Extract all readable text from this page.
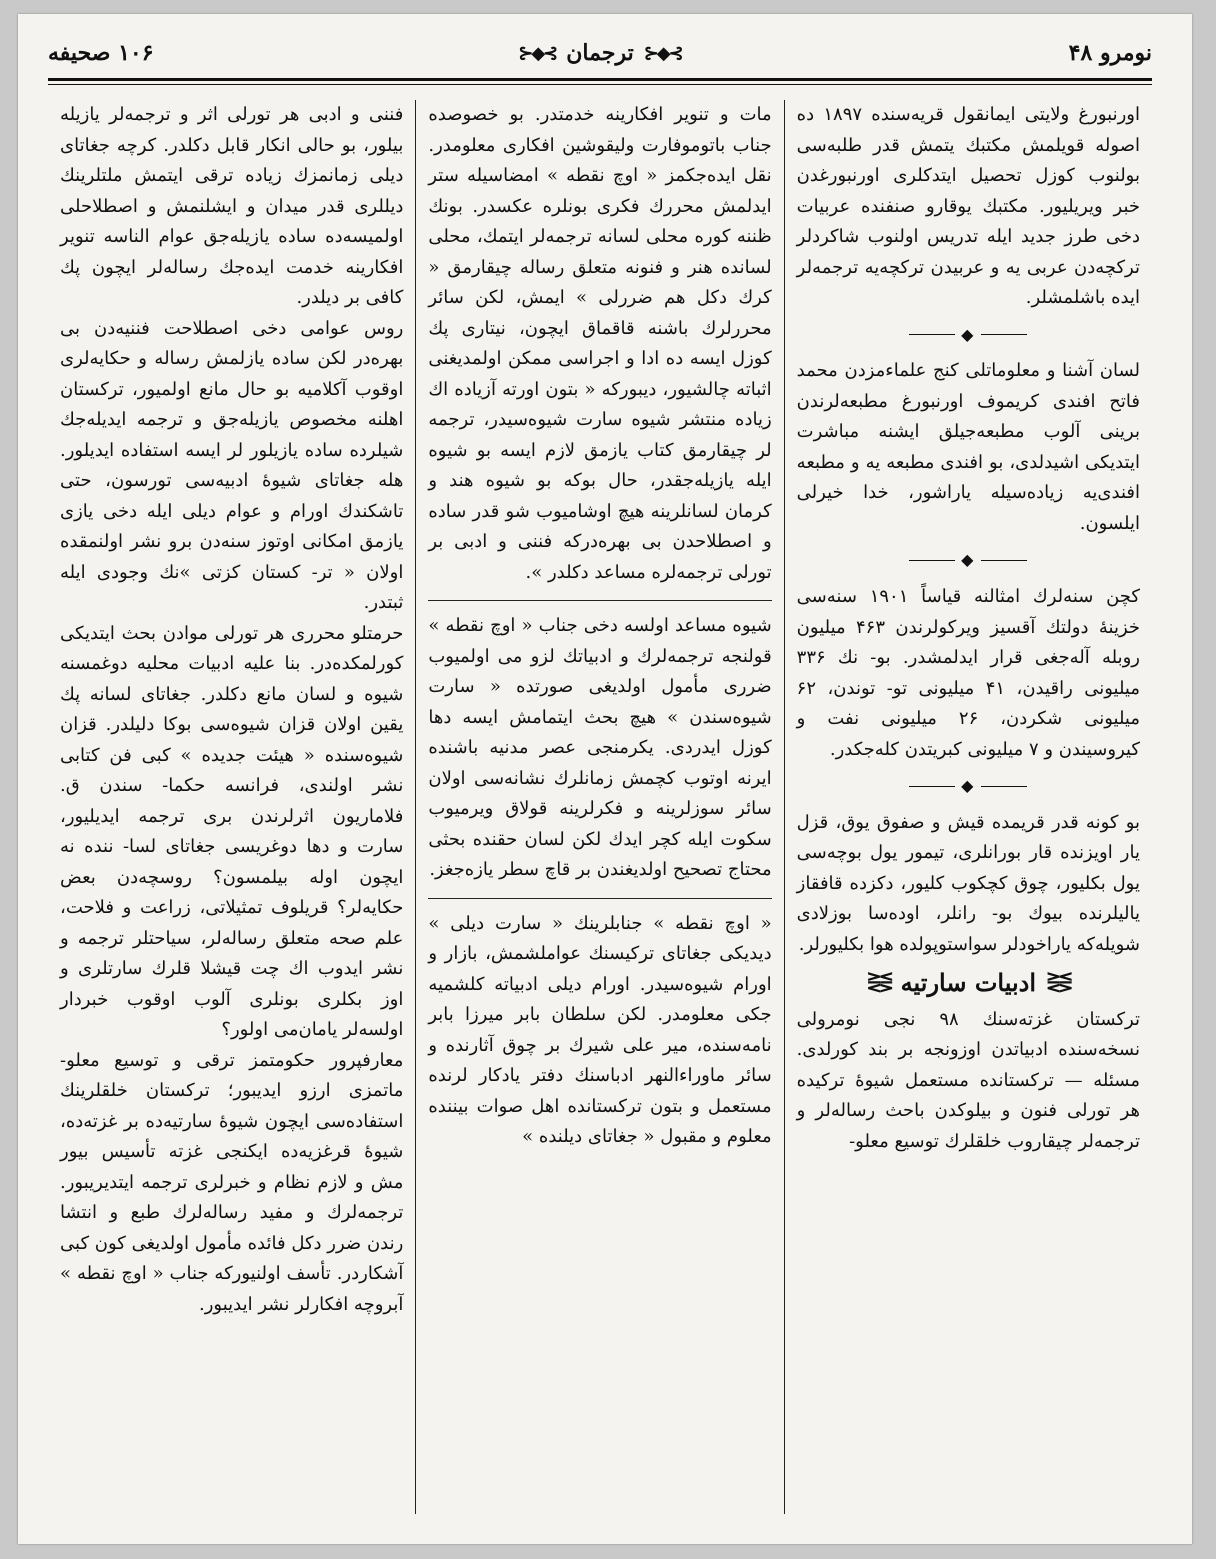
نومرو ۴۸
⊱◆⊰
ترجمان
⊱◆⊰
۱۰۶ صحیفه

اورنبورغ ولایتی ایمانقول قریه‌سنده ۱۸۹۷ ده اصوله قویلمش مکتبك یتمش قدر طلبه‌سی بولنوب کوزل تحصیل ایتدکلری اورنبورغدن خبر ویریلیور. مکتبك یوقارو صنفنده عربیات دخی طرز جدید ایله تدریس اولنوب شاکردلر ترکچه‌دن عربی یه و عربیدن ترکچه‌یه ترجمه‌لر ایده باشلمشلر.

◆

لسان آشنا و معلوماتلی کنج علماءمزدن محمد فاتح افندی کریموف اورنبورغ مطبعه‌لرندن برینی آلوب مطبعه‌جیلق ایشنه مباشرت ایتدیکی اشیدلدی، بو افندی مطبعه یه و مطبعه افندی‌یه زیاده‌سیله یاراشور، خدا خیرلی ایلسون.

◆

کچن سنه‌لرك امثالنه قیاساً ۱۹۰۱ سنه‌سی خزینهٔ دولتك آقسیز ویرکولرندن ۴۶۳ میلیون روبله آله‌جغی قرار ایدلمشدر. بو- نك ۳۳۶ میلیونی راقیدن، ۴۱ میلیونی تو- توندن، ۶۲ میلیونی شکردن، ۲۶ میلیونی نفت و کیروسیندن و ۷ میلیونی کبریتدن کله‌جکدر.

◆

بو کونه قدر قریمده قیش و صفوق یوق، قزل یار اویزنده قار بورانلری، تیمور یول بوچه‌سی یول بکلیور، چوق کچکوب کلیور، دکزده قافقاز یالیلرنده بیوك بو- رانلر، اوده‌سا بوزلادی شویله‌که یاراخودلر سواستوپولده هوا بکلیورلر.

⋛⋚
ادبیات سارتیه
⋛⋚

ترکستان غزته‌سنك ۹۸ نجی نومرولی نسخه‌سنده ادبیاتدن اوزونجه بر بند کورلدی. مسئله — ترکستانده مستعمل شیوهٔ ترکیده هر تورلی فنون و بیلوکدن باحث رساله‌لر و ترجمه‌لر چیقاروب خلقلرك توسیع معلو-

مات و تنویر افکارینه خدمتدر. بو خصوصده جناب باتوموفارت ولیقوشین افکاری معلومدر. نقل ایده‌جکمز « اوچ نقطه » امضاسیله ستر ایدلمش محررك فکری بونلره عکسدر. بونك ظننه کوره محلی لسانه ترجمه‌لر ایتمك، محلی لسانده هنر و فنونه متعلق رساله چیقارمق « کرك دکل هم ضررلی » ایمش، لکن سائر محررلرك باشنه قاقماق ایچون، نیتاری پك کوزل ایسه ده ادا و اجراسی ممکن اولمدیغنی اثباته چالشیور، دیبورکه « بتون اورته آزیاده اك زیاده منتشر شیوه سارت شیوه‌سیدر، ترجمه لر چیقارمق کتاب یازمق لازم ایسه بو شیوه ایله یازیله‌جقدر، حال بوکه بو شیوه هند و کرمان لسانلرینه هیچ اوشامیوب شو قدر ساده و اصطلاحدن بی بهره‌درکه فننی و ادبی بر تورلی ترجمه‌لره مساعد دکلدر ».

شیوه مساعد اولسه دخی جناب « اوچ نقطه » قولنجه ترجمه‌لرك و ادبیاتك لزو می اولمیوب ضرری مأمول اولدیغی صورتده « سارت شیوه‌سندن » هیچ بحث ایتمامش ایسه دها کوزل ایدردی. یکرمنجی عصر مدنیه باشنده ایرنه اوتوب کچمش زمانلرك نشانه‌سی اولان سائر سوزلرینه و فکرلرینه قولاق ویرمیوب سکوت ایله کچر ایدك لکن لسان حقنده بحثی محتاج تصحیح اولدیغندن بر قاچ سطر یازه‌جغز.

« اوچ نقطه » جنابلرینك « سارت دیلی » دیدیکی جغاتای ترکیسنك عواملشمش، بازار و اورام شیوه‌سیدر. اورام دیلی ادبیاته کلشمیه جکی معلومدر. لکن سلطان بابر میرزا بابر نامه‌سنده، میر علی شیرك بر چوق آثارنده و سائر ماوراءالنهر ادباسنك دفتر یادکار لرنده مستعمل و بتون ترکستانده اهل صوات بیننده معلوم و مقبول « جغاتای دیلنده »

فننی و ادبی هر تورلی اثر و ترجمه‌لر یازیله بیلور، بو حالی انکار قابل دکلدر. کرچه جغاتای دیلی زمانمزك زیاده ترقی ایتمش ملتلرینك دیللری قدر میدان و ایشلنمش و اصطلاحلی اولمیسه‌ده ساده یازیله‌جق عوام الناسه تنویر افکارینه خدمت ایده‌جك رساله‌لر ایچون پك کافی بر دیلدر.

روس عوامی دخی اصطلاحت فننیه‌دن بی بهره‌در لکن ساده یازلمش رساله و حکایه‌لری اوقوب آکلامیه بو حال مانع اولمیور، ترکستان اهلنه مخصوص یازیله‌جق و ترجمه ایدیله‌جك شیلرده ساده یازیلور لر ایسه استفاده ایدیلور. هله جغاتای شیوهٔ ادبیه‌سی تورسون، حتی تاشکندك اورام و عوام دیلی ایله دخی یازی یازمق امکانی اوتوز سنه‌دن برو نشر اولنمقده اولان « تر- کستان کزتی »نك وجودی ایله ثبتدر.

حرمتلو محرری هر تورلی موادن بحث ایتدیکی کورلمکده‌در. بنا علیه ادبیات محلیه دوغمسنه شیوه و لسان مانع دکلدر. جغاتای لسانه پك یقین اولان قزان شیوه‌سی بوکا دلیلدر. قزان شیوه‌سنده « هیئت جدیده » کبی فن کتابی نشر اولندی، فرانسه حکما- سندن ق. فلاماریون اثرلرندن بری ترجمه ایدیلیور، سارت و دها دوغریسی جغاتای لسا- ننده نه ایچون اوله بیلمسون؟ روسچه‌دن بعض حکایه‌لر؟ قریلوف تمثیلاتی، زراعت و فلاحت، علم صحه متعلق رساله‌لر، سیاحتلر ترجمه و نشر ایدوب اك چت قیشلا قلرك سارتلری و اوز بکلری بونلری آلوب اوقوب خبردار اولسه‌لر یامان‌می اولور؟

معارفپرور حکومتمز ترقی و توسیع معلو- ماتمزی ارزو ایدیبور؛ ترکستان خلقلرینك استفاده‌سی ایچون شیوهٔ سارتیه‌ده بر غزته‌ده، شیوهٔ قرغزیه‌ده ایکنجی غزته تأسیس بیور مش و لازم نظام و خبرلری ترجمه ایتدیریبور. ترجمه‌لرك و مفید رساله‌لرك طبع و انتشا رندن ضرر دکل فائده مأمول اولدیغی کون کبی آشکاردر. تأسف اولنیورکه جناب « اوچ نقطه » آبروچه افکارلر نشر ایدیبور.
